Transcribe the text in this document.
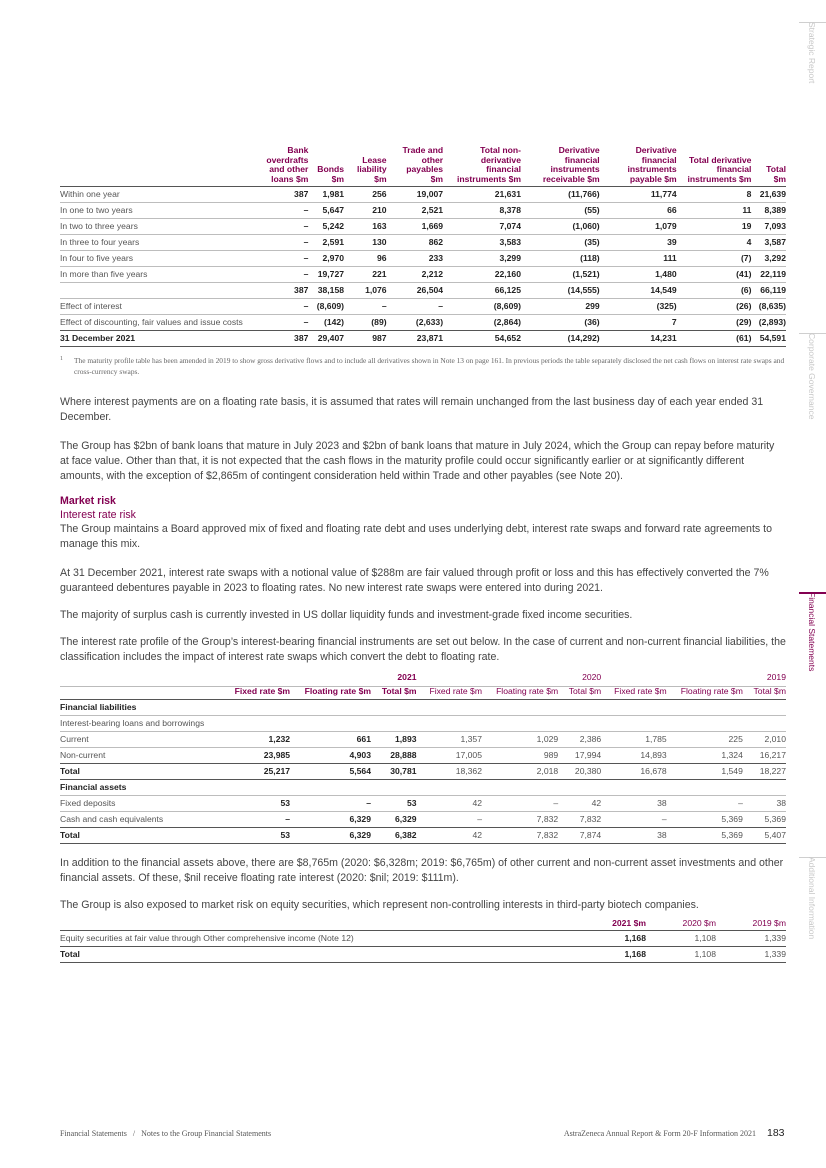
	Bank overdrafts and other loans $m	Bonds $m	Lease liability $m	Trade and other payables $m	Total non-derivative financial instruments $m	Derivative financial instruments receivable $m	Derivative financial instruments payable $m	Total derivative financial instruments $m	Total $m
Within one year	387	1,981	256	19,007	21,631	(11,766)	11,774	8	21,639
In one to two years	–	5,647	210	2,521	8,378	(55)	66	11	8,389
In two to three years	–	5,242	163	1,669	7,074	(1,060)	1,079	19	7,093
In three to four years	–	2,591	130	862	3,583	(35)	39	4	3,587
In four to five years	–	2,970	96	233	3,299	(118)	111	(7)	3,292
In more than five years	–	19,727	221	2,212	22,160	(1,521)	1,480	(41)	22,119
	387	38,158	1,076	26,504	66,125	(14,555)	14,549	(6)	66,119
Effect of interest	–	(8,609)	–	–	(8,609)	299	(325)	(26)	(8,635)
Effect of discounting, fair values and issue costs	–	(142)	(89)	(2,633)	(2,864)	(36)	7	(29)	(2,893)
31 December 2021	387	29,407	987	23,871	54,652	(14,292)	14,231	(61)	54,591
1	The maturity profile table has been amended in 2019 to show gross derivative flows and to include all derivatives shown in Note 13 on page 161. In previous periods the table separately disclosed the net cash flows on interest rate swaps and cross-currency swaps.

Where interest payments are on a floating rate basis, it is assumed that rates will remain unchanged from the last business day of each year ended 31 December.

The Group has $2bn of bank loans that mature in July 2023 and $2bn of bank loans that mature in July 2024, which the Group can repay before maturity at face value. Other than that, it is not expected that the cash flows in the maturity profile could occur significantly earlier or at significantly different amounts, with the exception of $2,865m of contingent consideration held within Trade and other payables (see Note 20).

Market risk
Interest rate risk

The Group maintains a Board approved mix of fixed and floating rate debt and uses underlying debt, interest rate swaps and forward rate agreements to manage this mix.

At 31 December 2021, interest rate swaps with a notional value of $288m are fair valued through profit or loss and this has effectively converted the 7% guaranteed debentures payable in 2023 to floating rates. No new interest rate swaps were entered into during 2021.

The majority of surplus cash is currently invested in US dollar liquidity funds and investment-grade fixed income securities.

The interest rate profile of the Group’s interest-bearing financial instruments are set out below. In the case of current and non-current financial liabilities, the classification includes the impact of interest rate swaps which convert the debt to floating rate.

	2021			2020			2019		
	Fixed rate $m	Floating rate $m	Total $m	Fixed rate $m	Floating rate $m	Total $m	Fixed rate $m	Floating rate $m	Total $m
Financial liabilities									
Interest-bearing loans and borrowings									
Current	1,232	661	1,893	1,357	1,029	2,386	1,785	225	2,010
Non-current	23,985	4,903	28,888	17,005	989	17,994	14,893	1,324	16,217
Total	25,217	5,564	30,781	18,362	2,018	20,380	16,678	1,549	18,227
Financial assets									
Fixed deposits	53	–	53	42	–	42	38	–	38
Cash and cash equivalents	–	6,329	6,329	–	7,832	7,832	–	5,369	5,369
Total	53	6,329	6,382	42	7,832	7,874	38	5,369	5,407

In addition to the financial assets above, there are $8,765m (2020: $6,328m; 2019: $6,765m) of other current and non-current asset investments and other financial assets. Of these, $nil receive floating rate interest (2020: $nil; 2019: $111m).

The Group is also exposed to market risk on equity securities, which represent non-controlling interests in third-party biotech companies.

	2021 $m	2020 $m	2019 $m
Equity securities at fair value through Other comprehensive income (Note 12)	1,168	1,108	1,339
Total	1,168	1,108	1,339
Strategic Report
Corporate Governance
Financial Statements
Additional Information
Financial Statements / Notes to the Group Financial Statements	AstraZeneca Annual Report & Form 20-F Information 2021 183
